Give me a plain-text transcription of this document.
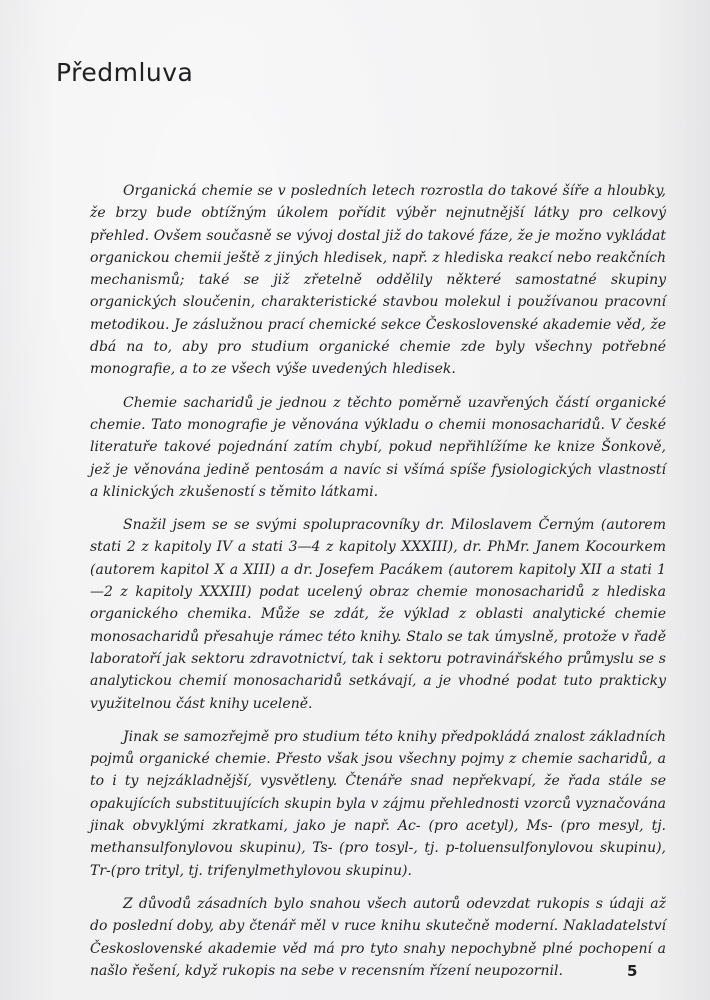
Předmluva

Organická chemie se v posledních letech rozrostla do takové šíře a hloubky, že brzy bude obtížným úkolem pořídit výběr nejnutnější látky pro celkový přehled. Ovšem současně se vývoj dostal již do takové fáze, že je možno vykládat organickou chemii ještě z jiných hledisek, např. z hlediska reakcí nebo reakčních mechanismů; také se již zřetelně oddělily některé samostatné skupiny organických sloučenin, charakteristické stavbou molekul i používanou pracovní metodikou. Je záslužnou prací chemické sekce Československé akademie věd, že dbá na to, aby pro studium organické chemie zde byly všechny potřebné monografie, a to ze všech výše uvedených hledisek.

Chemie sacharidů je jednou z těchto poměrně uzavřených částí organické chemie. Tato monografie je věnována výkladu o chemii monosacharidů. V české literatuře takové pojednání zatím chybí, pokud nepřihlížíme ke knize Šonkově, jež je věnována jedině pentosám a navíc si všímá spíše fysiologických vlastností a klinických zkušeností s těmito látkami.

Snažil jsem se se svými spolupracovníky dr. Miloslavem Černým (autorem stati 2 z kapitoly IV a stati 3—4 z kapitoly XXXIII), dr. PhMr. Janem Kocourkem (autorem kapitol X a XIII) a dr. Josefem Pacákem (autorem kapitoly XII a stati 1—2 z kapitoly XXXIII) podat ucelený obraz chemie monosacharidů z hlediska organického chemika. Může se zdát, že výklad z oblasti analytické chemie monosacharidů přesahuje rámec této knihy. Stalo se tak úmyslně, protože v řadě laboratoří jak sektoru zdravotnictví, tak i sektoru potravinářského průmyslu se s analytickou chemií monosacharidů setkávají, a je vhodné podat tuto prakticky využitelnou část knihy uceleně.

Jinak se samozřejmě pro studium této knihy předpokládá znalost základních pojmů organické chemie. Přesto však jsou všechny pojmy z chemie sacharidů, a to i ty nejzákladnější, vysvětleny. Čtenáře snad nepřekvapí, že řada stále se opakujících substituujících skupin byla v zájmu přehlednosti vzorců vyznačována jinak obvyklými zkratkami, jako je např. Ac- (pro acetyl), Ms- (pro mesyl, tj. methansulfonylovou skupinu), Ts- (pro tosyl-, tj. p-toluensulfonylovou skupinu), Tr-(pro trityl, tj. trifenylmethylovou skupinu).

Z důvodů zásadních bylo snahou všech autorů odevzdat rukopis s údaji až do poslední doby, aby čtenář měl v ruce knihu skutečně moderní. Nakladatelství Československé akademie věd má pro tyto snahy nepochybně plné pochopení a našlo řešení, když rukopis na sebe v recensním řízení neupozornil.	5
